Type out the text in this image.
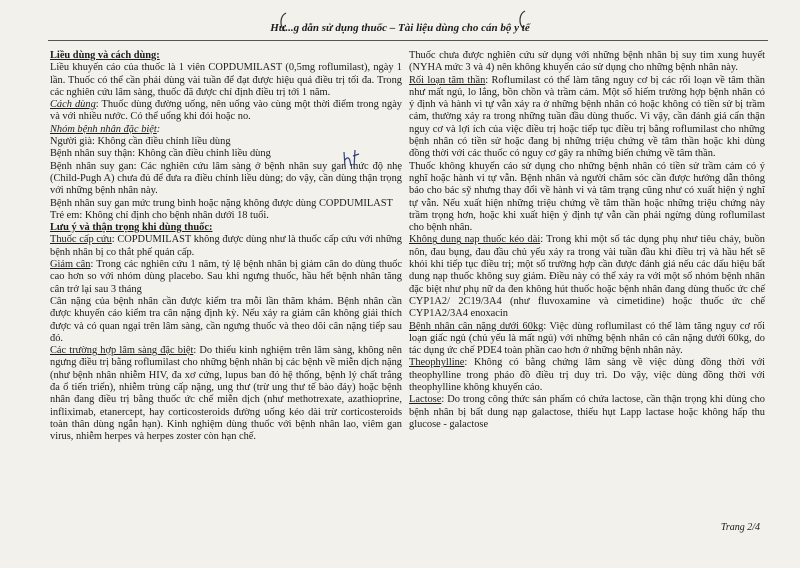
Hư...g dẫn sử dụng thuốc – Tài liệu dùng cho cán bộ y tế

Liều dùng và cách dùng:

Liều khuyến cáo của thuốc là 1 viên COPDUMILAST (0,5mg roflumilast), ngày 1 lần. Thuốc có thể cần phải dùng vài tuần để đạt được hiệu quả điều trị tối đa. Trong các nghiên cứu lâm sàng, thuốc đã được chỉ định điều trị tới 1 năm.

Cách dùng: Thuốc dùng đường uống, nên uống vào cùng một thời điểm trong ngày và với nhiều nước. Có thể uống khi đói hoặc no.

Nhóm bệnh nhân đặc biệt:

Người già: Không cần điều chỉnh liều dùng

Bệnh nhân suy thận: Không cần điều chỉnh liều dùng

Bệnh nhân suy gan: Các nghiên cứu lâm sàng ở bệnh nhân suy gan mức độ nhẹ (Child-Pugh A) chưa đủ để đưa ra điều chỉnh liều dùng; do vậy, cần dùng thận trọng với những bệnh nhân này.

Bệnh nhân suy gan mức trung bình hoặc nặng không được dùng COPDUMILAST

Trẻ em: Không chỉ định cho bệnh nhân dưới 18 tuổi.

Lưu ý và thận trọng khi dùng thuốc:

Thuốc cấp cứu: COPDUMILAST không được dùng như là thuốc cấp cứu với những bệnh nhân bị co thắt phế quản cấp.

Giảm cân: Trong các nghiên cứu 1 năm, tỷ lệ bệnh nhân bị giảm cân do dùng thuốc cao hơn so với nhóm dùng placebo. Sau khi ngưng thuốc, hầu hết bệnh nhân tăng cân trở lại sau 3 tháng

Cân nặng của bệnh nhân cần được kiểm tra mỗi lần thăm khám. Bệnh nhân cần được khuyến cáo kiểm tra cân nặng định kỳ. Nếu xảy ra giảm cân không giải thích được và có quan ngại trên lâm sàng, cần ngưng thuốc và theo dõi cân nặng tiếp sau đó.

Các trường hợp lâm sàng đặc biệt: Do thiếu kinh nghiệm trên lâm sàng, không nên ngưng điều trị bằng roflumilast cho những bệnh nhân bị các bệnh về miễn dịch nặng (như bệnh nhân nhiễm HIV, đa xơ cứng, lupus ban đỏ hệ thống, bệnh lý chất trắng đa ổ tiến triển), nhiễm trùng cấp nặng, ung thư (trừ ung thư tế bào đáy) hoặc bệnh nhân đang điều trị bằng thuốc ức chế miễn dịch (như methotrexate, azathioprine, infliximab, etanercept, hay corticosteroids đường uống kéo dài trừ corticosteroids toàn thân dùng ngắn hạn). Kinh nghiệm dùng thuốc với bệnh nhân lao, viêm gan virus, nhiễm herpes và herpes zoster còn hạn chế.

Thuốc chưa được nghiên cứu sử dụng với những bệnh nhân bị suy tim xung huyết (NYHA mức 3 và 4) nên không khuyến cáo sử dụng cho những bệnh nhân này.

Rối loạn tâm thần: Roflumilast có thể làm tăng nguy cơ bị các rối loạn về tâm thần như mất ngủ, lo lắng, bồn chồn và trầm cảm. Một số hiếm trường hợp bệnh nhân có ý định và hành vi tự vẫn xảy ra ở những bệnh nhân có hoặc không có tiền sử bị trầm cảm, thường xảy ra trong những tuần đầu dùng thuốc. Vì vậy, cần đánh giá cẩn thận nguy cơ và lợi ích của việc điều trị hoặc tiếp tục điều trị bằng roflumilast cho những bệnh nhân có tiền sử hoặc đang bị những triệu chứng về tâm thần hoặc khi dùng đồng thời với các thuốc có nguy cơ gây ra những biến chứng về tâm thần.

Thuốc không khuyến cáo sử dụng cho những bệnh nhân có tiền sử trầm cảm có ý nghĩ hoặc hành vi tự vẫn. Bệnh nhân và người chăm sóc cần được hướng dẫn thông báo cho bác sỹ nhưng thay đổi về hành vi và tâm trạng cũng như có xuất hiện ý nghĩ tự vẫn. Nếu xuất hiện những triệu chứng về tâm thần hoặc những triệu chứng này trầm trọng hơn, hoặc khi xuất hiện ý định tự vẫn cần phải ngừng dùng roflumilast cho bệnh nhân.

Không dung nạp thuốc kéo dài: Trong khi một số tác dụng phụ như tiêu chảy, buồn nôn, đau bụng, đau đầu chủ yếu xảy ra trong vài tuần đầu khi điều trị và hầu hết sẽ khỏi khi tiếp tục điều trị; một số trường hợp cần được đánh giá nếu các dấu hiệu bất dung nạp thuốc không suy giảm. Điều này có thể xảy ra với một số nhóm bệnh nhân đặc biệt như phụ nữ da đen không hút thuốc hoặc bệnh nhân đang dùng thuốc ức chế CYP1A2/ 2C19/3A4 (như fluvoxamine và cimetidine) hoặc thuốc ức chế CYP1A2/3A4 enoxacin

Bệnh nhân cân nặng dưới 60kg: Việc dùng roflumilast có thể làm tăng nguy cơ rối loạn giấc ngủ (chủ yếu là mất ngủ) với những bệnh nhân có cân nặng dưới 60kg, do tác dụng ức chế PDE4 toàn phần cao hơn ở những bệnh nhân này.

Theophylline: Không có bằng chứng lâm sàng về việc dùng đồng thời với theophylline trong pháo đồ điều trị duy trì. Do vậy, việc dùng đồng thời với theophylline không khuyến cáo.

Lactose: Do trong công thức sản phẩm có chứa lactose, cần thận trọng khi dùng cho bệnh nhân bị bất dung nạp galactose, thiếu hụt Lapp lactase hoặc không hấp thu glucose - galactose

Trang 2/4
